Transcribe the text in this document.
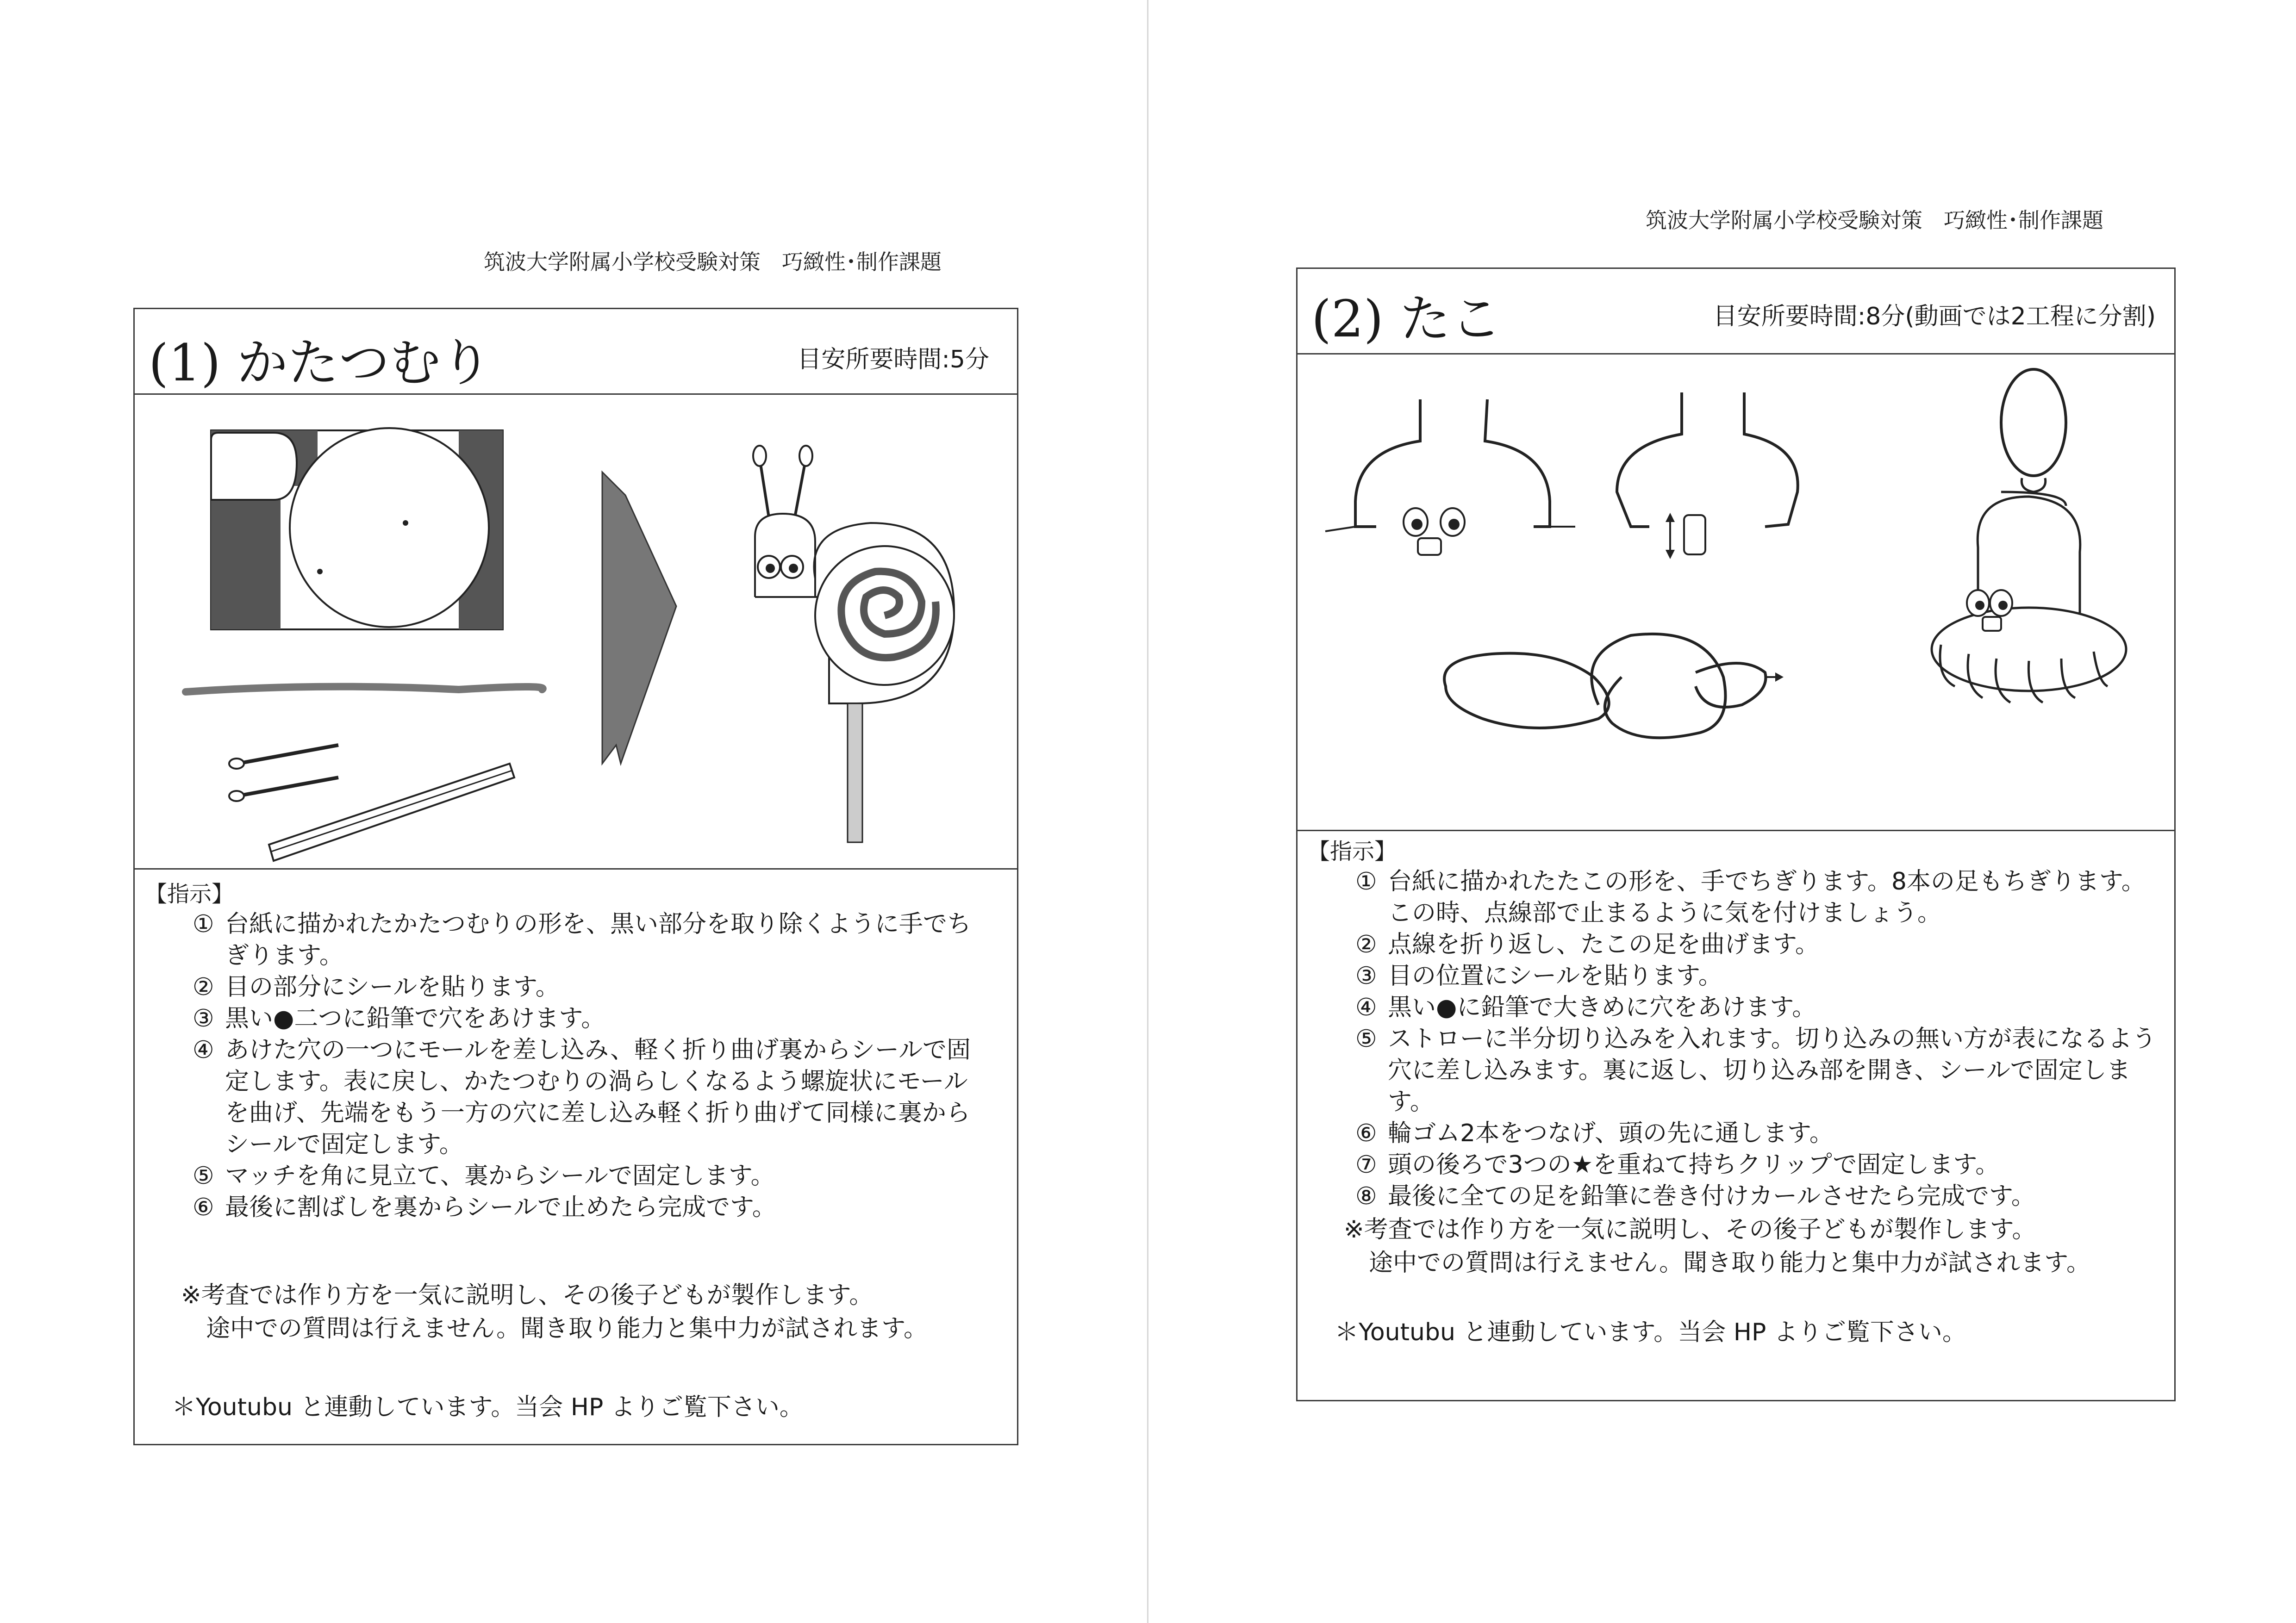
筑波大学附属小学校受験対策　巧緻性･制作課題
(1) かたつむり	目安所要時間:5分
【指示】
① 台紙に描かれたかたつむりの形を、黒い部分を取り除くように手でちぎります。
② 目の部分にシールを貼ります。
③ 黒い●二つに鉛筆で穴をあけます。
④ あけた穴の一つにモールを差し込み、軽く折り曲げ裏からシールで固定します。表に戻し、かたつむりの渦らしくなるよう螺旋状にモールを曲げ、先端をもう一方の穴に差し込み軽く折り曲げて同様に裏からシールで固定します。
⑤ マッチを角に見立て、裏からシールで固定します。
⑥ 最後に割ばしを裏からシールで止めたら完成です。
※考査では作り方を一気に説明し、その後子どもが製作します。
途中での質問は行えません。聞き取り能力と集中力が試されます。
＊Youtubu と連動しています。当会 HP よりご覧下さい。
筑波大学附属小学校受験対策　巧緻性･制作課題
(2) たこ	目安所要時間:8分(動画では2工程に分割)
【指示】
① 台紙に描かれたたこの形を、手でちぎります。8本の足もちぎります。この時、点線部で止まるように気を付けましょう。
② 点線を折り返し、たこの足を曲げます。
③ 目の位置にシールを貼ります。
④ 黒い●に鉛筆で大きめに穴をあけます。
⑤ ストローに半分切り込みを入れます。切り込みの無い方が表になるよう穴に差し込みます。裏に返し、切り込み部を開き、シールで固定します。
⑥ 輪ゴム2本をつなげ、頭の先に通します。
⑦ 頭の後ろで3つの★を重ねて持ちクリップで固定します。
⑧ 最後に全ての足を鉛筆に巻き付けカールさせたら完成です。
※考査では作り方を一気に説明し、その後子どもが製作します。
途中での質問は行えません。聞き取り能力と集中力が試されます。
＊Youtubu と連動しています。当会 HP よりご覧下さい。
